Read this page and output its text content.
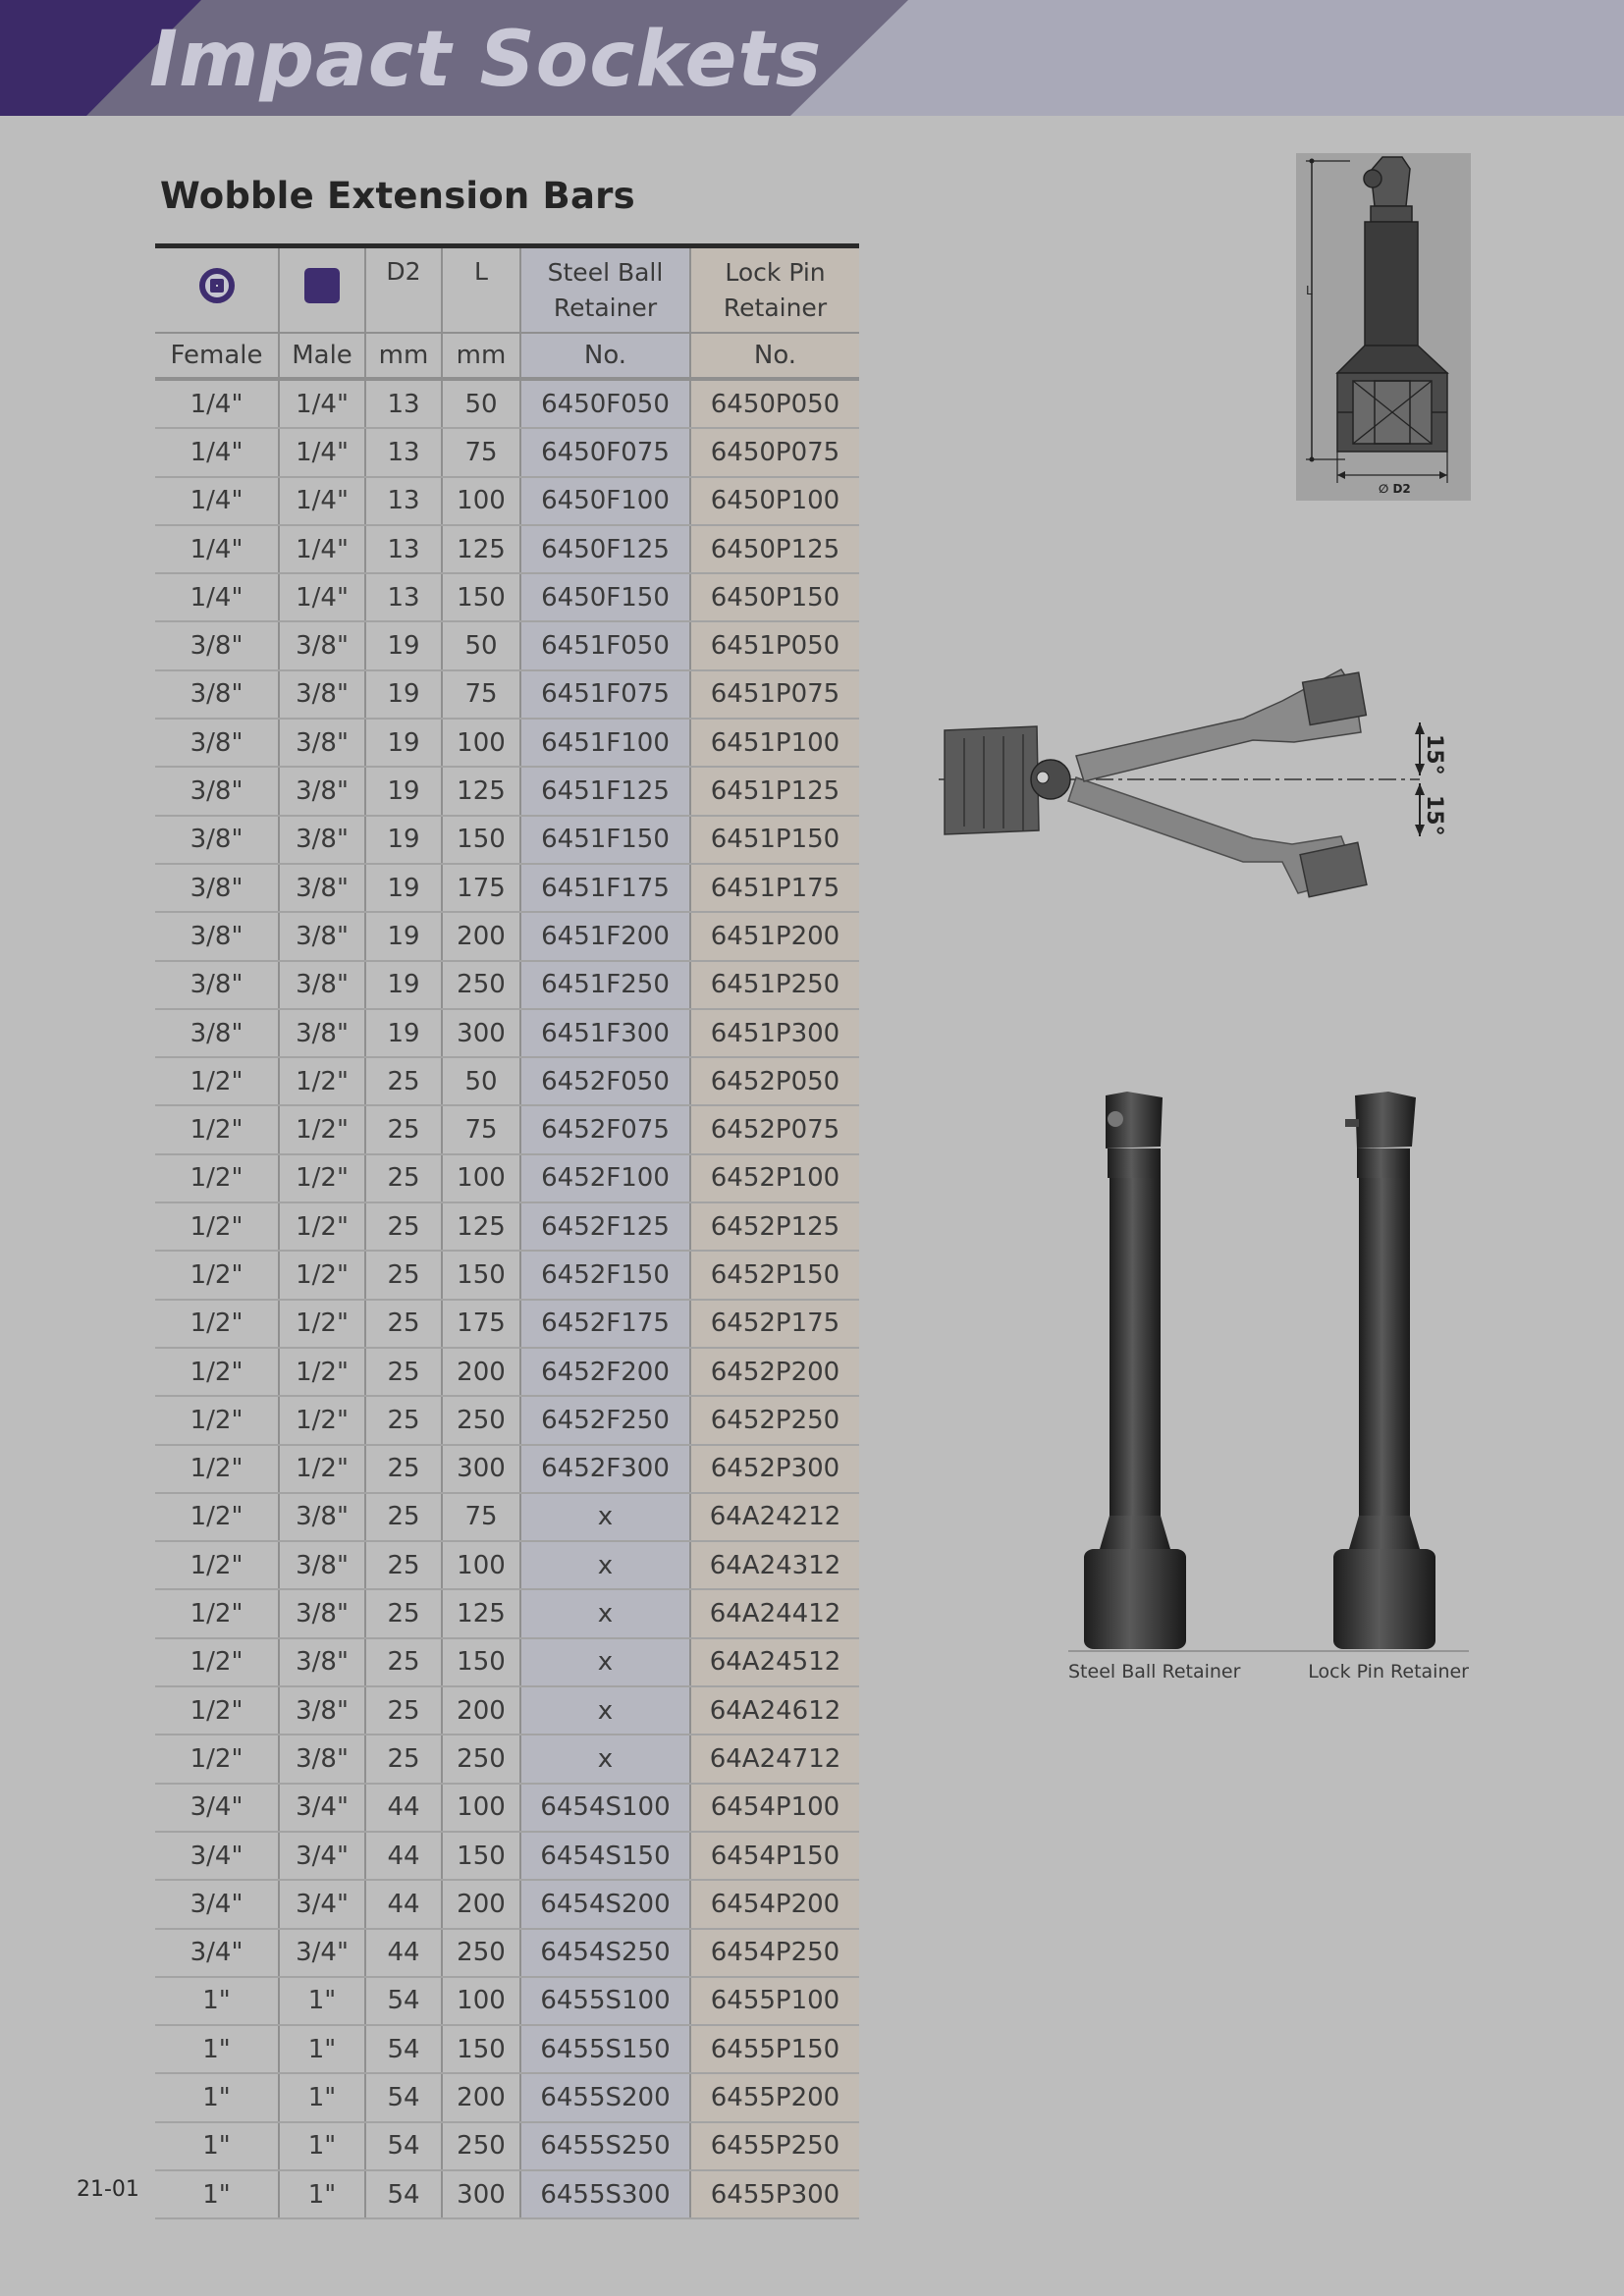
Impact Sockets
Wobble Extension Bars
		D2	L	Steel Ball Retainer	Lock Pin Retainer
Female	Male	mm	mm	No.	No.
1/4"	1/4"	13	50	6450F050	6450P050
1/4"	1/4"	13	75	6450F075	6450P075
1/4"	1/4"	13	100	6450F100	6450P100
1/4"	1/4"	13	125	6450F125	6450P125
1/4"	1/4"	13	150	6450F150	6450P150
3/8"	3/8"	19	50	6451F050	6451P050
3/8"	3/8"	19	75	6451F075	6451P075
3/8"	3/8"	19	100	6451F100	6451P100
3/8"	3/8"	19	125	6451F125	6451P125
3/8"	3/8"	19	150	6451F150	6451P150
3/8"	3/8"	19	175	6451F175	6451P175
3/8"	3/8"	19	200	6451F200	6451P200
3/8"	3/8"	19	250	6451F250	6451P250
3/8"	3/8"	19	300	6451F300	6451P300
1/2"	1/2"	25	50	6452F050	6452P050
1/2"	1/2"	25	75	6452F075	6452P075
1/2"	1/2"	25	100	6452F100	6452P100
1/2"	1/2"	25	125	6452F125	6452P125
1/2"	1/2"	25	150	6452F150	6452P150
1/2"	1/2"	25	175	6452F175	6452P175
1/2"	1/2"	25	200	6452F200	6452P200
1/2"	1/2"	25	250	6452F250	6452P250
1/2"	1/2"	25	300	6452F300	6452P300
1/2"	3/8"	25	75	x	64A24212
1/2"	3/8"	25	100	x	64A24312
1/2"	3/8"	25	125	x	64A24412
1/2"	3/8"	25	150	x	64A24512
1/2"	3/8"	25	200	x	64A24612
1/2"	3/8"	25	250	x	64A24712
3/4"	3/4"	44	100	6454S100	6454P100
3/4"	3/4"	44	150	6454S150	6454P150
3/4"	3/4"	44	200	6454S200	6454P200
3/4"	3/4"	44	250	6454S250	6454P250
1"	1"	54	100	6455S100	6455P100
1"	1"	54	150	6455S150	6455P150
1"	1"	54	200	6455S200	6455P200
1"	1"	54	250	6455S250	6455P250
1"	1"	54	300	6455S300	6455P300
L
∅ D2
15°
15°
Steel Ball Retainer	Lock Pin Retainer
21-01
